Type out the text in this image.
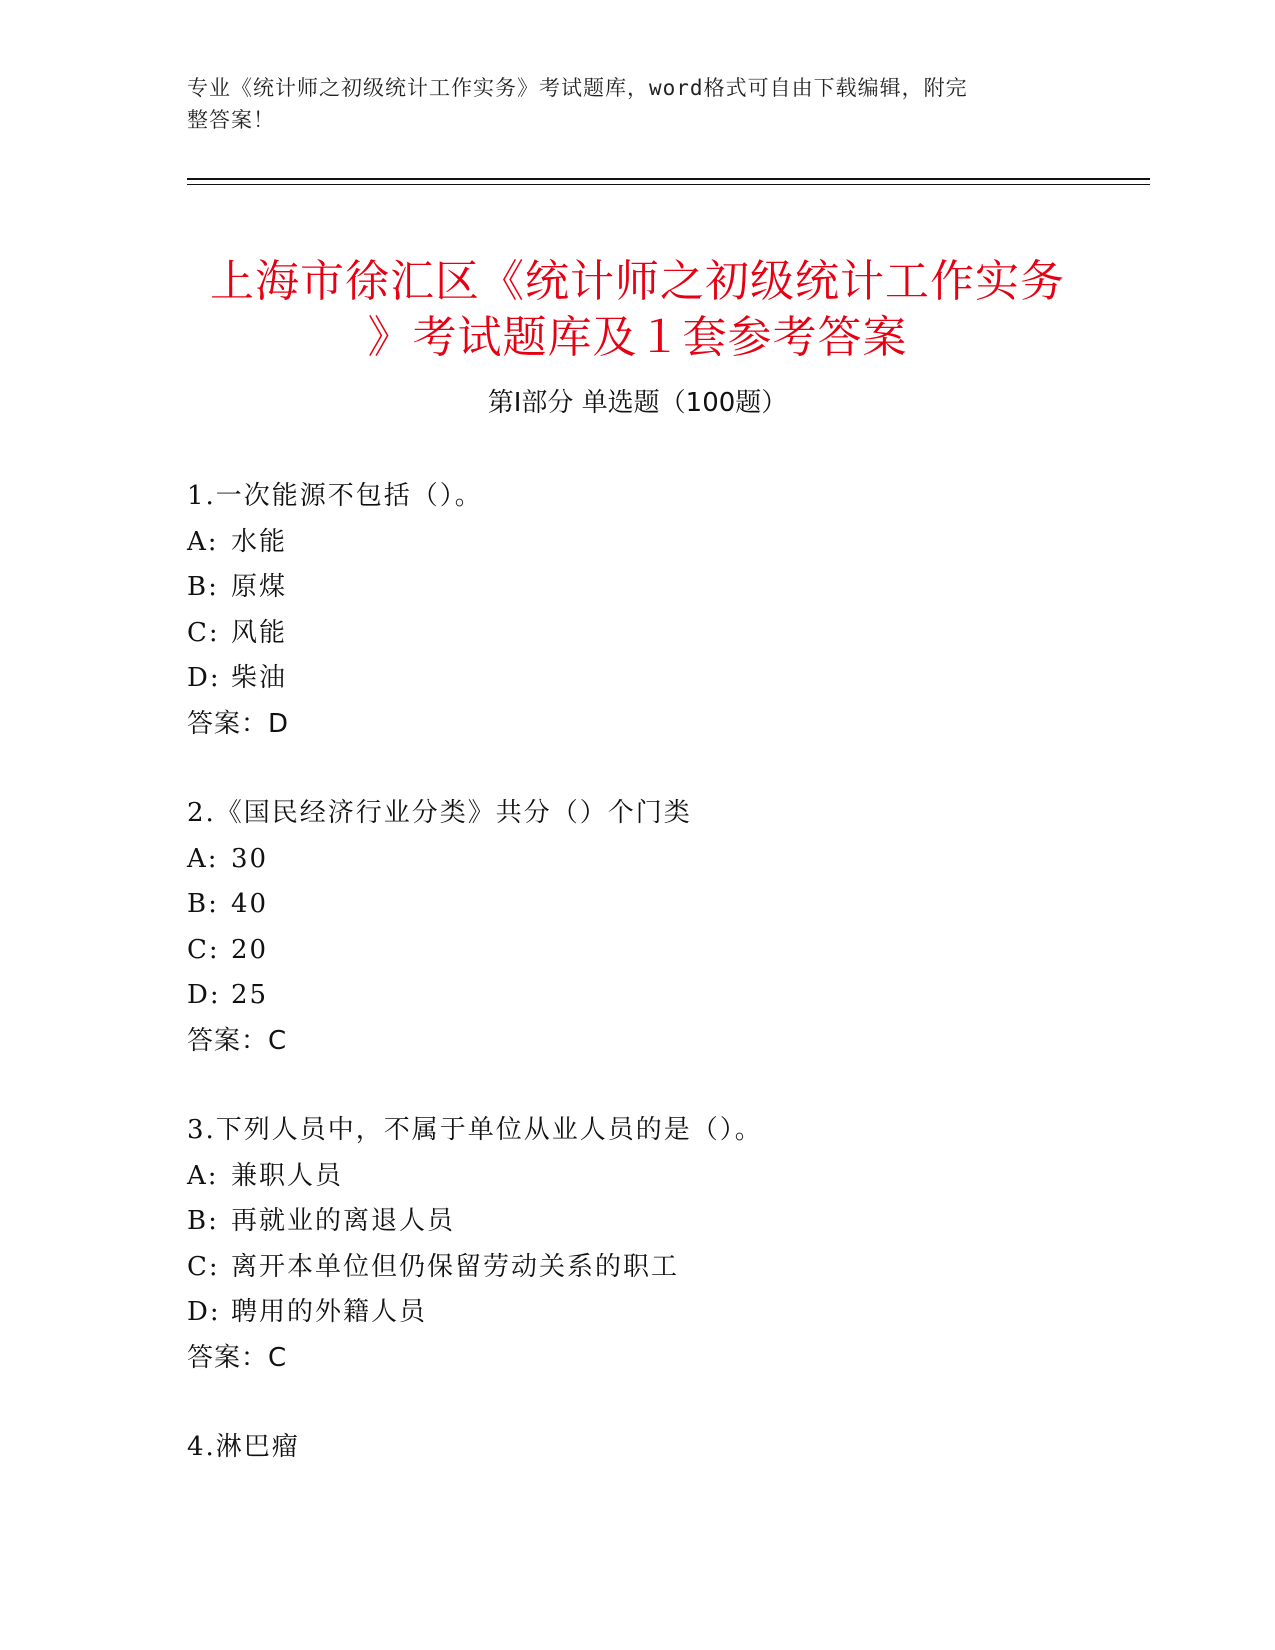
专业《统计师之初级统计工作实务》考试题库，word格式可自由下载编辑，附完
整答案！
上海市徐汇区《统计师之初级统计工作实务
》考试题库及１套参考答案
第Ⅰ部分 单选题（100题）
1.一次能源不包括（）。
A: 水能
B: 原煤
C: 风能
D: 柴油
答案：D
2.《国民经济行业分类》共分（）个门类
A: 30
B: 40
C: 20
D: 25
答案：C
3.下列人员中，不属于单位从业人员的是（）。
A: 兼职人员
B: 再就业的离退人员
C: 离开本单位但仍保留劳动关系的职工
D: 聘用的外籍人员
答案：C
4.淋巴瘤
